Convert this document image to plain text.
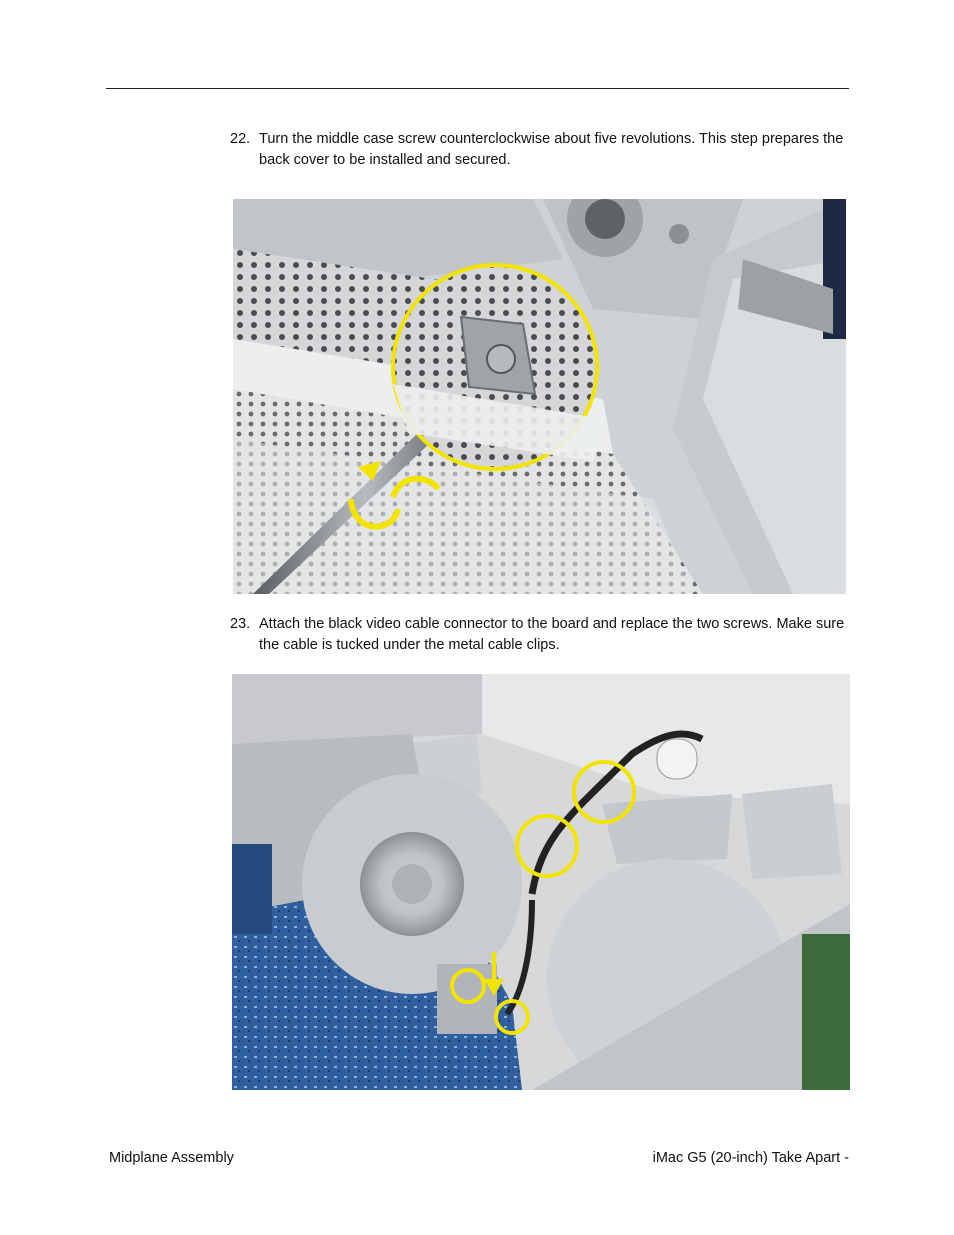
22. Turn the middle case screw counterclockwise about five revolutions. This step prepares the back cover to be installed and secured.
23. Attach the black video cable connector to the board and replace the two screws. Make sure the cable is tucked under the metal cable clips.
Midplane Assembly	iMac G5 (20-inch) Take Apart -
